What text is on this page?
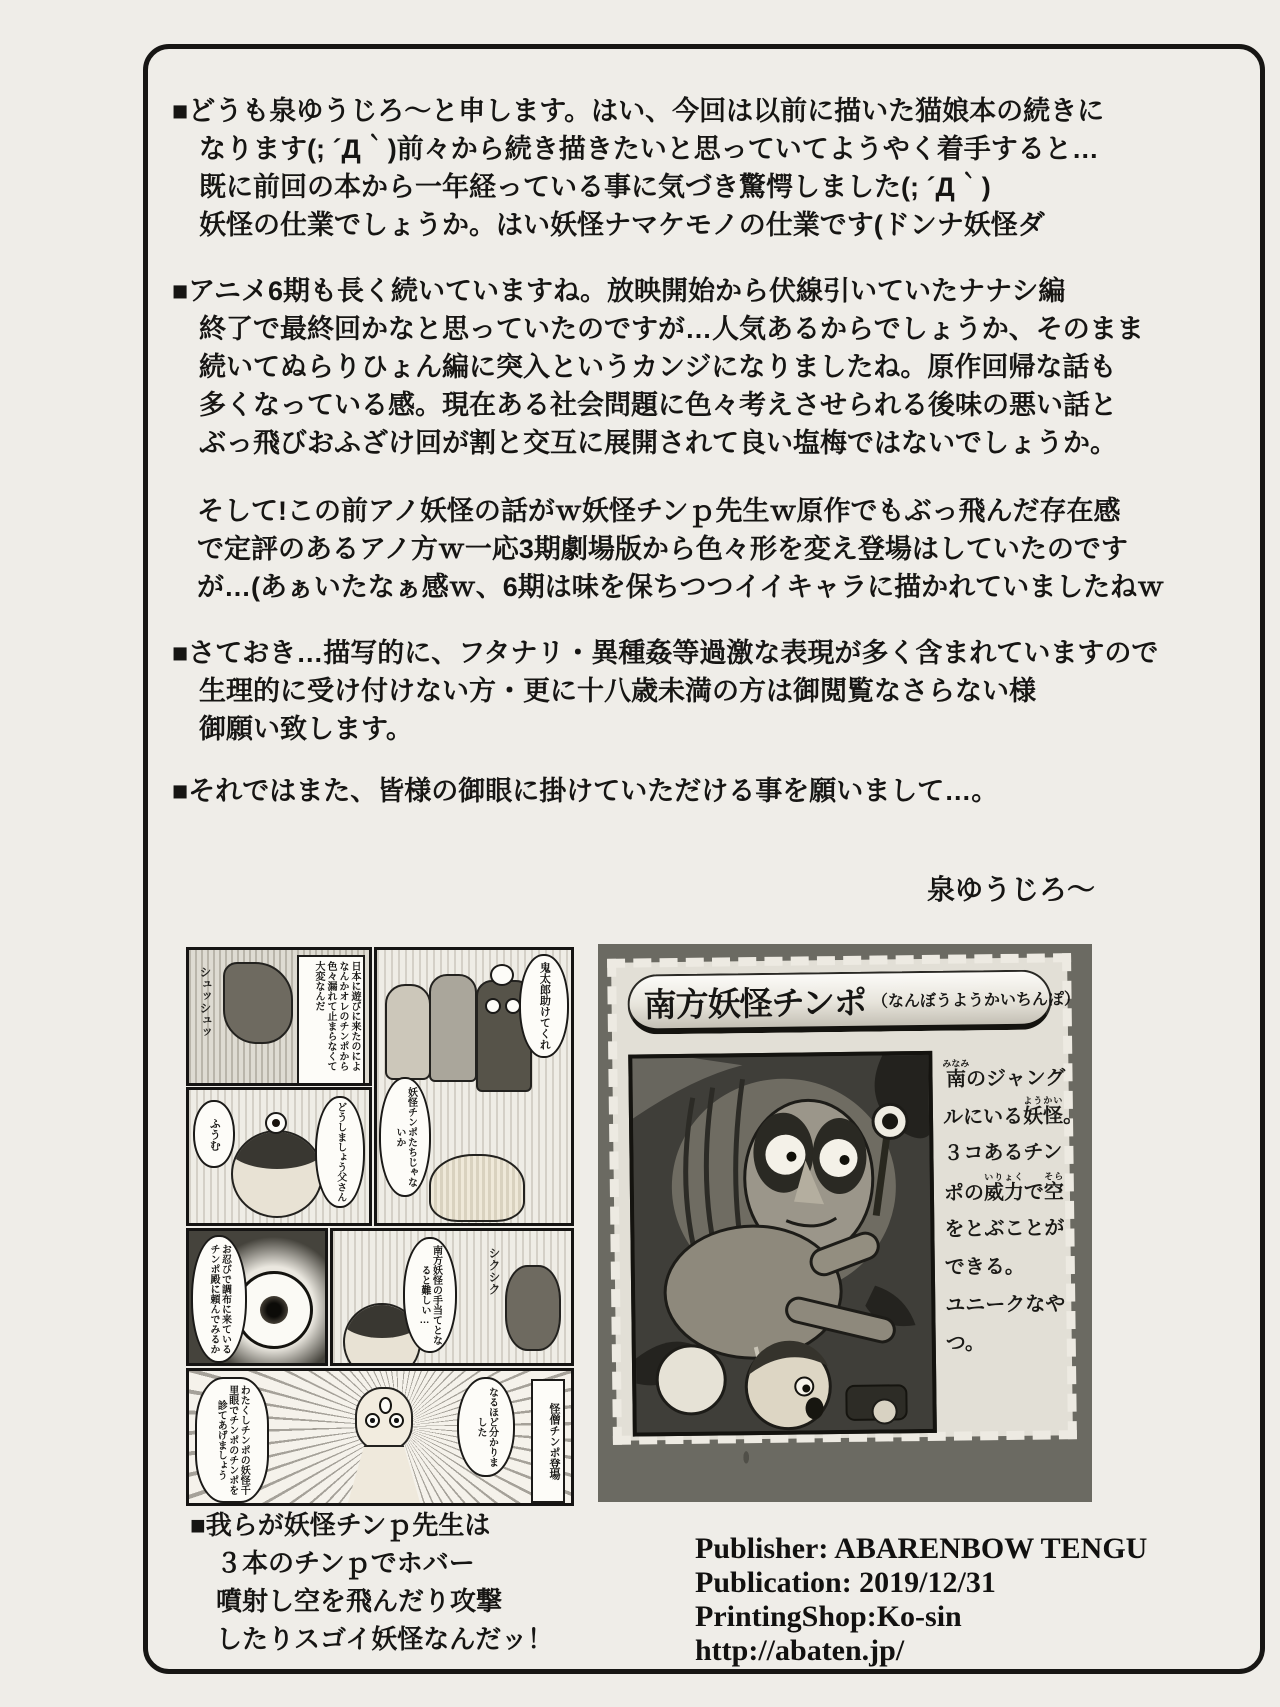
■どうも泉ゆうじろ〜と申します。はい、今回は以前に描いた猫娘本の続きに
なります(; ´Д｀)前々から続き描きたいと思っていてようやく着手すると…
既に前回の本から一年経っている事に気づき驚愕しました(; ´Д｀)
妖怪の仕業でしょうか。はい妖怪ナマケモノの仕業です(ドンナ妖怪ダ
■アニメ6期も長く続いていますね。放映開始から伏線引いていたナナシ編
終了で最終回かなと思っていたのですが…人気あるからでしょうか、そのまま
続いてぬらりひょん編に突入というカンジになりましたね。原作回帰な話も
多くなっている感。現在ある社会問題に色々考えさせられる後味の悪い話と
ぶっ飛びおふざけ回が割と交互に展開されて良い塩梅ではないでしょうか。
そして!この前アノ妖怪の話がｗ妖怪チンｐ先生ｗ原作でもぶっ飛んだ存在感
で定評のあるアノ方ｗ一応3期劇場版から色々形を変え登場はしていたのです
が…(あぁいたなぁ感ｗ、6期は味を保ちつつイイキャラに描かれていましたねｗ
■さておき…描写的に、フタナリ・異種姦等過激な表現が多く含まれていますので
生理的に受け付けない方・更に十八歳未満の方は御閲覧なさらない様
御願い致します。
■それではまた、皆様の御眼に掛けていただける事を願いまして…。
泉ゆうじろ〜
シュッシュッ	日本に遊びに来たのによなんかオレのチンポから色々漏れて止まらなくて大変なんだ	鬼太郎助けてくれ
妖怪チンポたちじゃないか
ふうむ	どうしましょう父さん
お忍びで調布に来ているチンポ殿に頼んでみるか	シクシク
南方妖怪の手当てとなると難しい…
わたくしチンポの妖怪千里眼でチンポのチンポを診てあげましょう	なるほど分かりました	怪僧チンポ登場
南方妖怪チンポ （なんぼうようかいちんぽ）
南みなみのジャング
ルにいる妖怪ようかい。
３コあるチン
ポの威力いりょくで空そら
をとぶことが
できる。
ユニークなや
つ。
■我らが妖怪チンｐ先生は
３本のチンｐでホバー
噴射し空を飛んだり攻撃
したりスゴイ妖怪なんだッ！
Publisher: ABARENBOW TENGU
Publication: 2019/12/31
PrintingShop:Ko-sin
http://abaten.jp/
